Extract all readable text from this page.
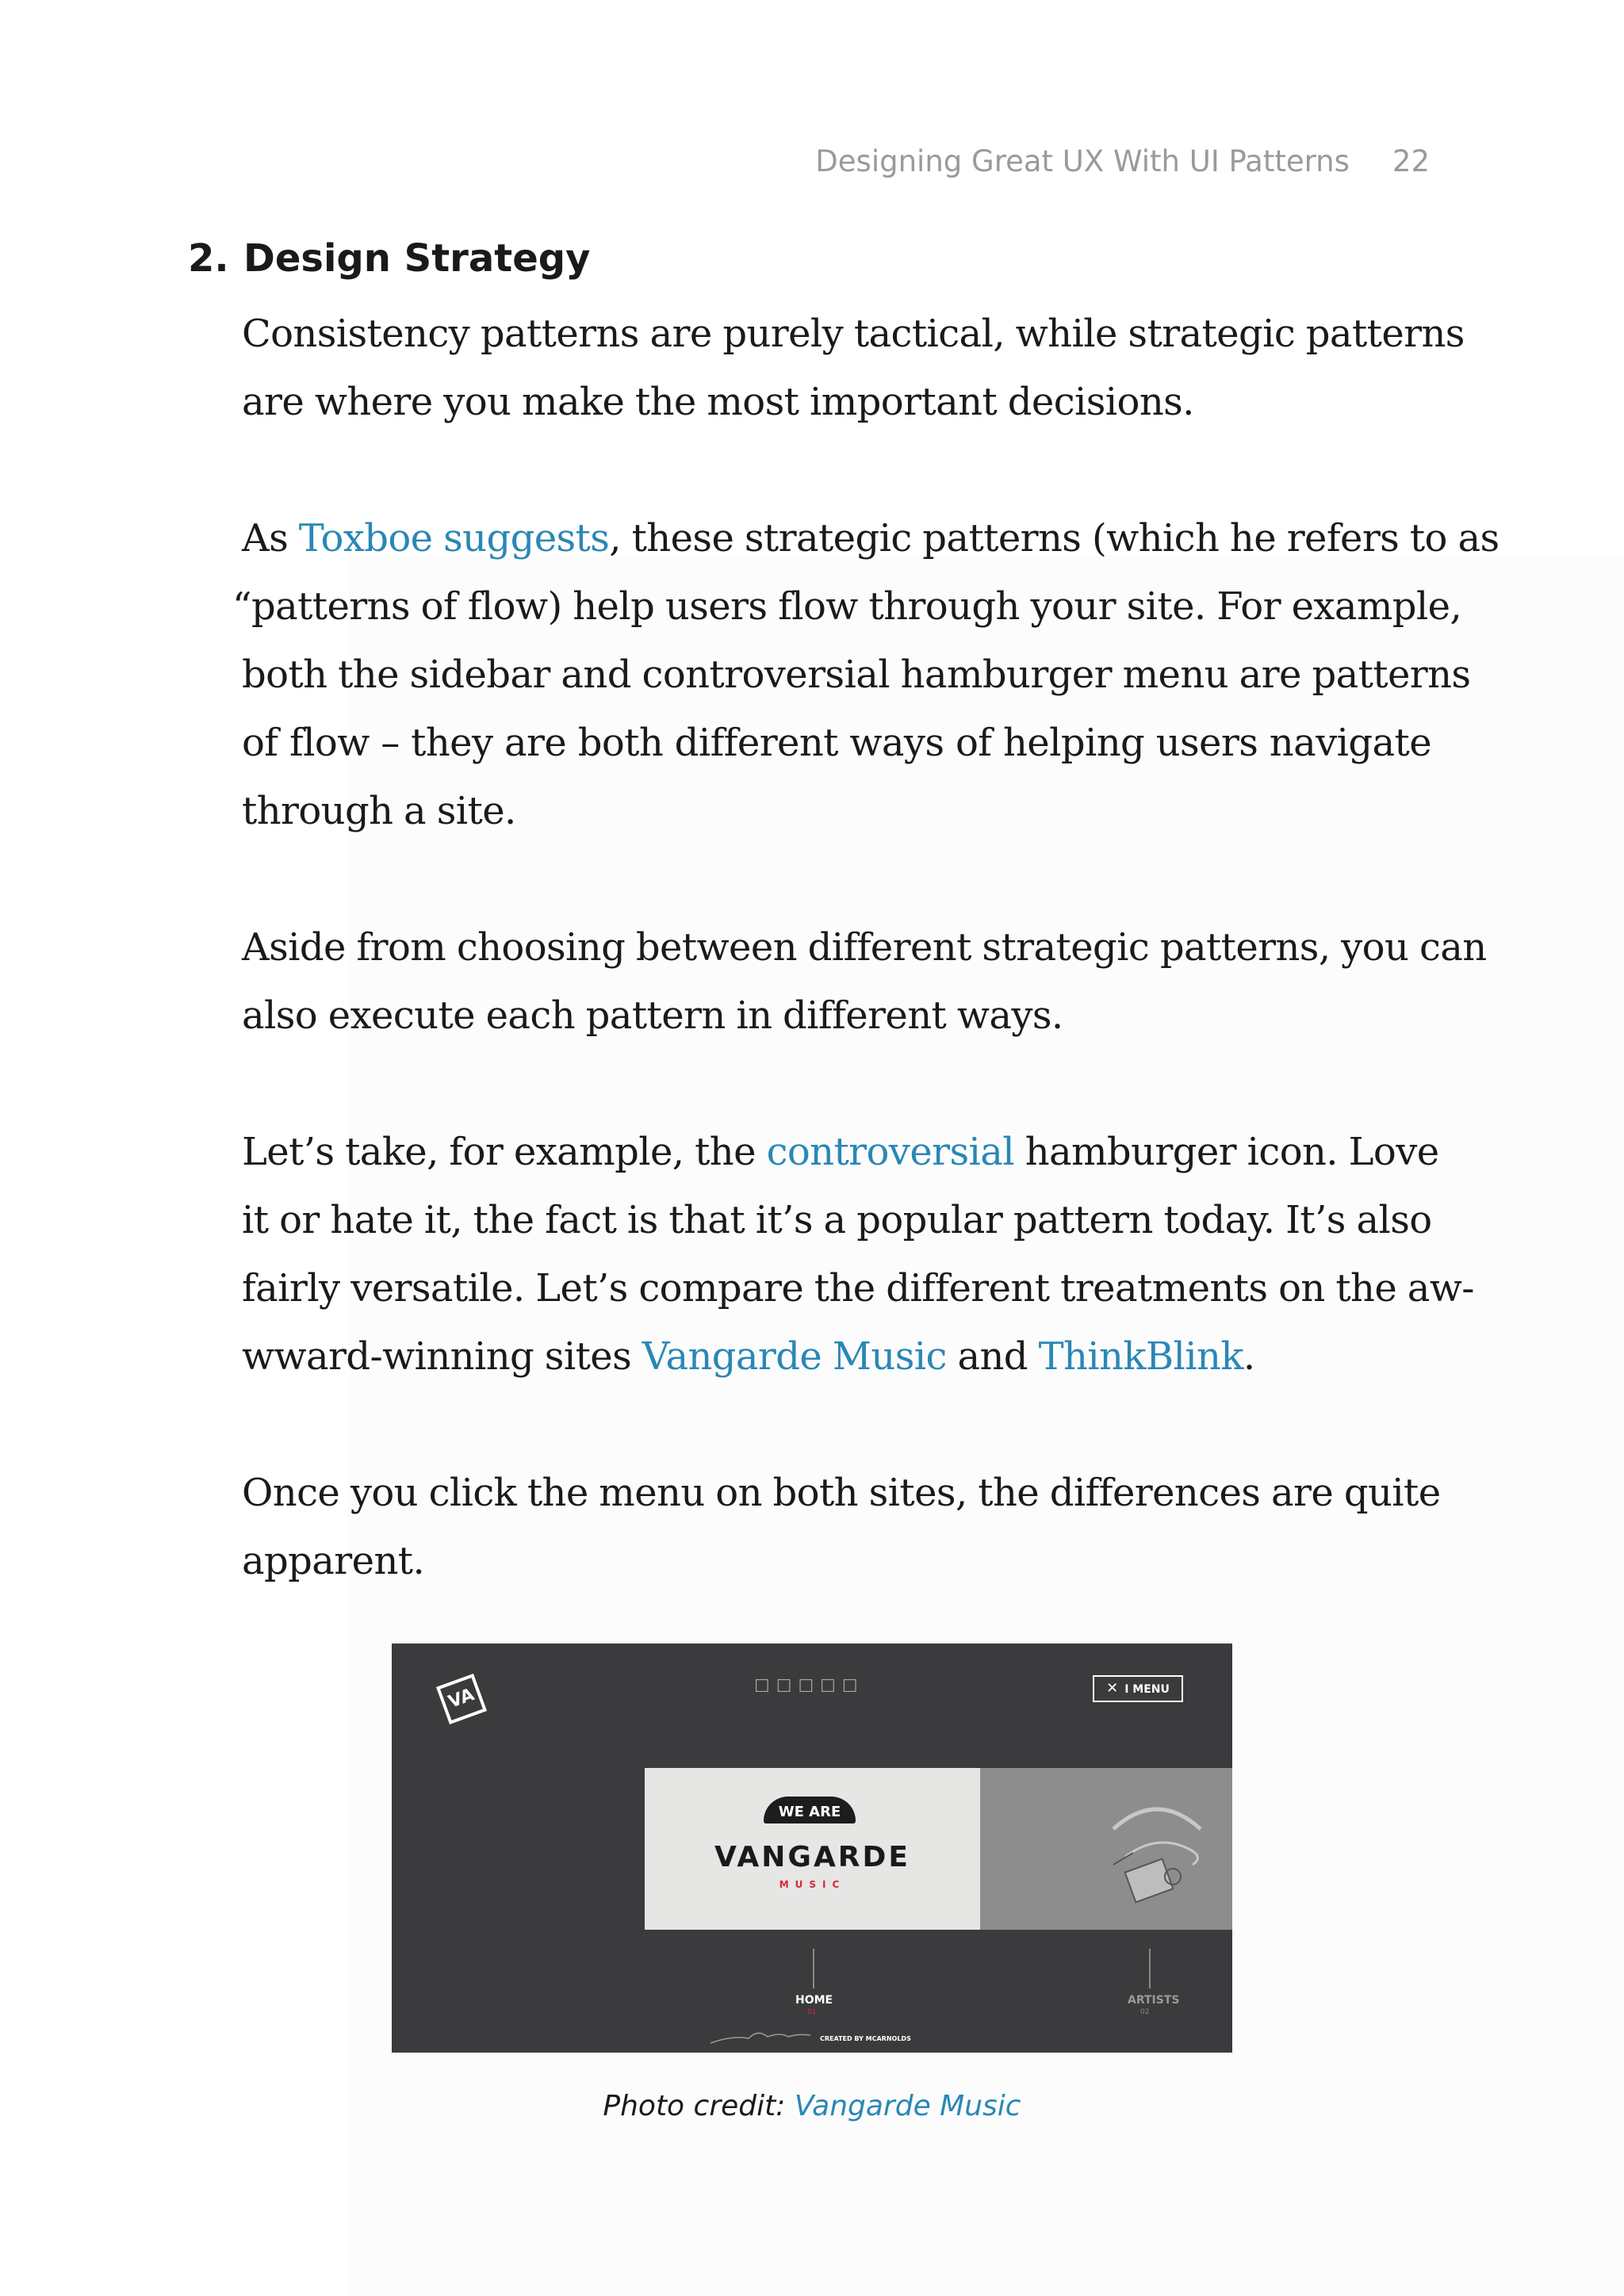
Designing Great UX With UI Patterns 22
2. Design Strategy
Consistency patterns are purely tactical, while strategic patterns
are where you make the most important decisions.
As Toxboe suggests, these strategic patterns (which he refers to as
“patterns of flow) help users flow through your site. For example,
both the sidebar and controversial hamburger menu are patterns
of flow – they are both different ways of helping users navigate
through a site.
Aside from choosing between different strategic patterns, you can
also execute each pattern in different ways.
Let’s take, for example, the controversial hamburger icon. Love
it or hate it, the fact is that it’s a popular pattern today. It’s also
fairly versatile. Let’s compare the different treatments on the aw-
wward-winning sites Vangarde Music and ThinkBlink.
Once you click the menu on both sites, the differences are quite
apparent.
VA	☐☐☐☐☐	✕ I MENU
WE ARE
VANGARDE
MUSIC
HOME
01
ARTISTS
02
CREATED BY MCARNOLDS
Photo credit: Vangarde Music
